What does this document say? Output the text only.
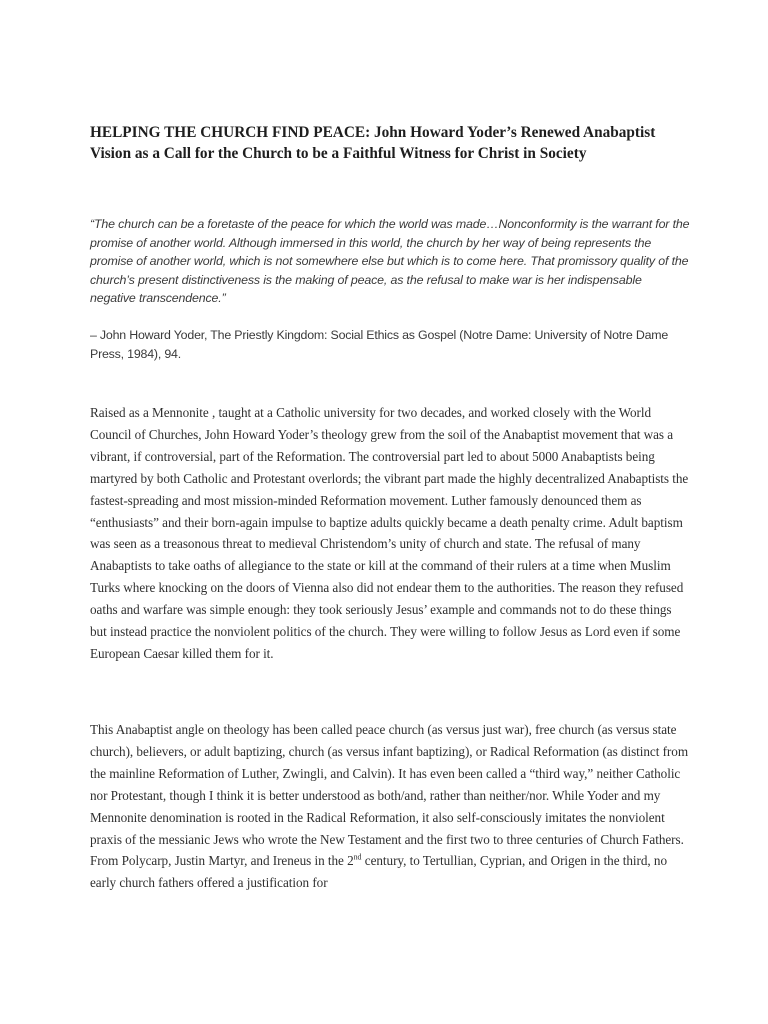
HELPING THE CHURCH FIND PEACE: John Howard Yoder’s Renewed Anabaptist Vision as a Call for the Church to be a Faithful Witness for Christ in Society

“The church can be a foretaste of the peace for which the world was made…Nonconformity is the warrant for the promise of another world. Although immersed in this world, the church by her way of being represents the promise of another world, which is not somewhere else but which is to come here. That promissory quality of the church’s present distinctiveness is the making of peace, as the refusal to make war is her indispensable negative transcendence.”

– John Howard Yoder, The Priestly Kingdom: Social Ethics as Gospel (Notre Dame: University of Notre Dame Press, 1984), 94.

Raised as a Mennonite , taught at a Catholic university for two decades, and worked closely with the World Council of Churches, John Howard Yoder’s theology grew from the soil of the Anabaptist movement that was a vibrant, if controversial, part of the Reformation. The controversial part led to about 5000 Anabaptists being martyred by both Catholic and Protestant overlords; the vibrant part made the highly decentralized Anabaptists the fastest-spreading and most mission-minded Reformation movement. Luther famously denounced them as “enthusiasts” and their born-again impulse to baptize adults quickly became a death penalty crime. Adult baptism was seen as a treasonous threat to medieval Christendom’s unity of church and state. The refusal of many Anabaptists to take oaths of allegiance to the state or kill at the command of their rulers at a time when Muslim Turks where knocking on the doors of Vienna also did not endear them to the authorities. The reason they refused oaths and warfare was simple enough: they took seriously Jesus’ example and commands not to do these things but instead practice the nonviolent politics of the church. They were willing to follow Jesus as Lord even if some European Caesar killed them for it.

This Anabaptist angle on theology has been called peace church (as versus just war), free church (as versus state church), believers, or adult baptizing, church (as versus infant baptizing), or Radical Reformation (as distinct from the mainline Reformation of Luther, Zwingli, and Calvin). It has even been called a “third way,” neither Catholic nor Protestant, though I think it is better understood as both/and, rather than neither/nor. While Yoder and my Mennonite denomination is rooted in the Radical Reformation, it also self-consciously imitates the nonviolent praxis of the messianic Jews who wrote the New Testament and the first two to three centuries of Church Fathers. From Polycarp, Justin Martyr, and Ireneus in the 2nd century, to Tertullian, Cyprian, and Origen in the third, no early church fathers offered a justification for
